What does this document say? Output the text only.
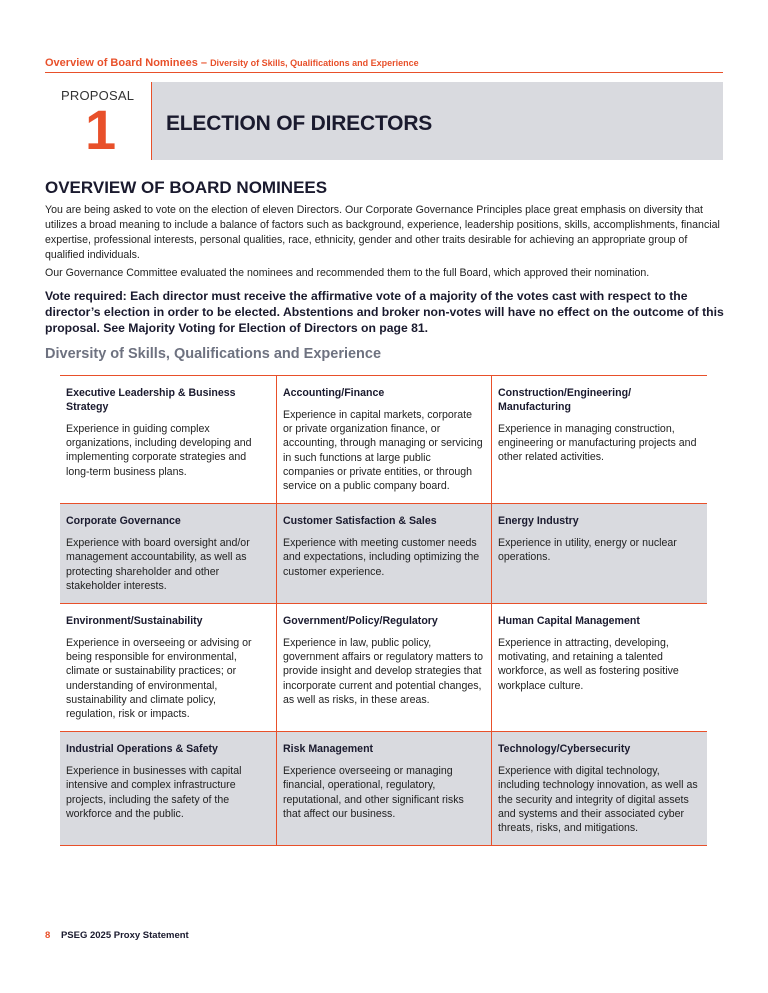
Overview of Board Nominees – Diversity of Skills, Qualifications and Experience
PROPOSAL
1 ELECTION OF DIRECTORS
OVERVIEW OF BOARD NOMINEES
You are being asked to vote on the election of eleven Directors. Our Corporate Governance Principles place great emphasis on diversity that utilizes a broad meaning to include a balance of factors such as background, experience, leadership positions, skills, accomplishments, financial expertise, professional interests, personal qualities, race, ethnicity, gender and other traits desirable for achieving an appropriate group of qualified individuals.
Our Governance Committee evaluated the nominees and recommended them to the full Board, which approved their nomination.
Vote required: Each director must receive the affirmative vote of a majority of the votes cast with respect to the director’s election in order to be elected. Abstentions and broker non-votes will have no effect on the outcome of this proposal. See Majority Voting for Election of Directors on page 81.
Diversity of Skills, Qualifications and Experience
Executive Leadership & Business Strategy
Experience in guiding complex organizations, including developing and implementing corporate strategies and long-term business plans.
Accounting/Finance
Experience in capital markets, corporate or private organization finance, or accounting, through managing or servicing in such functions at large public companies or private entities, or through service on a public company board.
Construction/Engineering/ Manufacturing
Experience in managing construction, engineering or manufacturing projects and other related activities.
Corporate Governance
Experience with board oversight and/or management accountability, as well as protecting shareholder and other stakeholder interests.
Customer Satisfaction & Sales
Experience with meeting customer needs and expectations, including optimizing the customer experience.
Energy Industry
Experience in utility, energy or nuclear operations.
Environment/Sustainability
Experience in overseeing or advising or being responsible for environmental, climate or sustainability practices; or understanding of environmental, sustainability and climate policy, regulation, risk or impacts.
Government/Policy/Regulatory
Experience in law, public policy, government affairs or regulatory matters to provide insight and develop strategies that incorporate current and potential changes, as well as risks, in these areas.
Human Capital Management
Experience in attracting, developing, motivating, and retaining a talented workforce, as well as fostering positive workplace culture.
Industrial Operations & Safety
Experience in businesses with capital intensive and complex infrastructure projects, including the safety of the workforce and the public.
Risk Management
Experience overseeing or managing financial, operational, regulatory, reputational, and other significant risks that affect our business.
Technology/Cybersecurity
Experience with digital technology, including technology innovation, as well as the security and integrity of digital assets and systems and their associated cyber threats, risks, and mitigations.
8 PSEG 2025 Proxy Statement
